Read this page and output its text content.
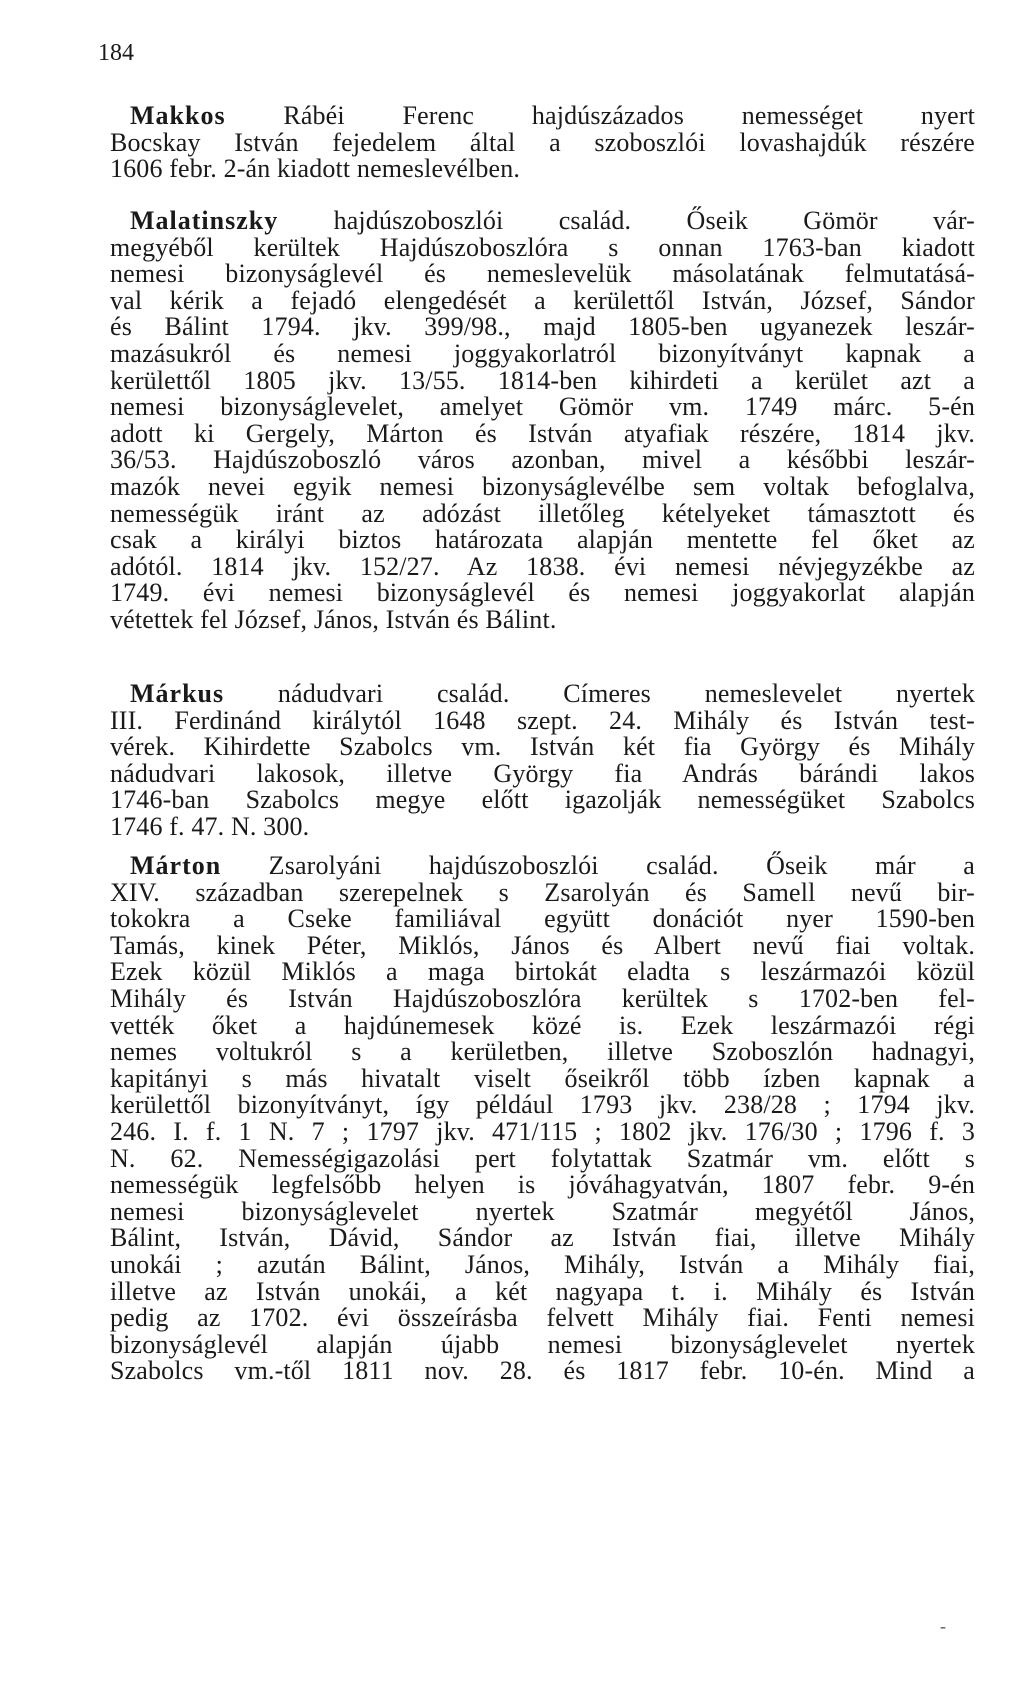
184
Makkos Rábéi Ferenc hajdúszázados nemességet nyert
Bocskay István fejedelem által a szoboszlói lovashajdúk részére
1606 febr. 2-án kiadott nemeslevélben.
Malatinszky hajdúszoboszlói család. Őseik Gömör vár-
megyéből kerültek Hajdúszoboszlóra s onnan 1763-ban kiadott
nemesi bizonyságlevél és nemeslevelük másolatának felmutatásá-
val kérik a fejadó elengedését a kerülettől István, József, Sándor
és Bálint 1794. jkv. 399/98., majd 1805-ben ugyanezek leszár-
mazásukról és nemesi joggyakorlatról bizonyítványt kapnak a
kerülettől 1805 jkv. 13/55. 1814-ben kihirdeti a kerület azt a
nemesi bizonyságlevelet, amelyet Gömör vm. 1749 márc. 5-én
adott ki Gergely, Márton és István atyafiak részére, 1814 jkv.
36/53. Hajdúszoboszló város azonban, mivel a későbbi leszár-
mazók nevei egyik nemesi bizonyságlevélbe sem voltak befoglalva,
nemességük iránt az adózást illetőleg kételyeket támasztott és
csak a királyi biztos határozata alapján mentette fel őket az
adótól. 1814 jkv. 152/27. Az 1838. évi nemesi névjegyzékbe az
1749. évi nemesi bizonyságlevél és nemesi joggyakorlat alapján
vétettek fel József, János, István és Bálint.
Márkus nádudvari család. Címeres nemeslevelet nyertek
III. Ferdinánd királytól 1648 szept. 24. Mihály és István test-
vérek. Kihirdette Szabolcs vm. István két fia György és Mihály
nádudvari lakosok, illetve György fia András bárándi lakos
1746-ban Szabolcs megye előtt igazolják nemességüket Szabolcs
1746 f. 47. N. 300.
Márton Zsarolyáni hajdúszoboszlói család. Őseik már a
XIV. században szerepelnek s Zsarolyán és Samell nevű bir-
tokokra a Cseke familiával együtt donációt nyer 1590-ben
Tamás, kinek Péter, Miklós, János és Albert nevű fiai voltak.
Ezek közül Miklós a maga birtokát eladta s leszármazói közül
Mihály és István Hajdúszoboszlóra kerültek s 1702-ben fel-
vették őket a hajdúnemesek közé is. Ezek leszármazói régi
nemes voltukról s a kerületben, illetve Szoboszlón hadnagyi,
kapitányi s más hivatalt viselt őseikről több ízben kapnak a
kerülettől bizonyítványt, így például 1793 jkv. 238/28 ; 1794 jkv.
246. I. f. 1 N. 7 ; 1797 jkv. 471/115 ; 1802 jkv. 176/30 ; 1796 f. 3
N. 62. Nemességigazolási pert folytattak Szatmár vm. előtt s
nemességük legfelsőbb helyen is jóváhagyatván, 1807 febr. 9-én
nemesi bizonyságlevelet nyertek Szatmár megyétől János,
Bálint, István, Dávid, Sándor az István fiai, illetve Mihály
unokái ; azután Bálint, János, Mihály, István a Mihály fiai,
illetve az István unokái, a két nagyapa t. i. Mihály és István
pedig az 1702. évi összeírásba felvett Mihály fiai. Fenti nemesi
bizonyságlevél alapján újabb nemesi bizonyságlevelet nyertek
Szabolcs vm.-től 1811 nov. 28. és 1817 febr. 10-én. Mind a
-
